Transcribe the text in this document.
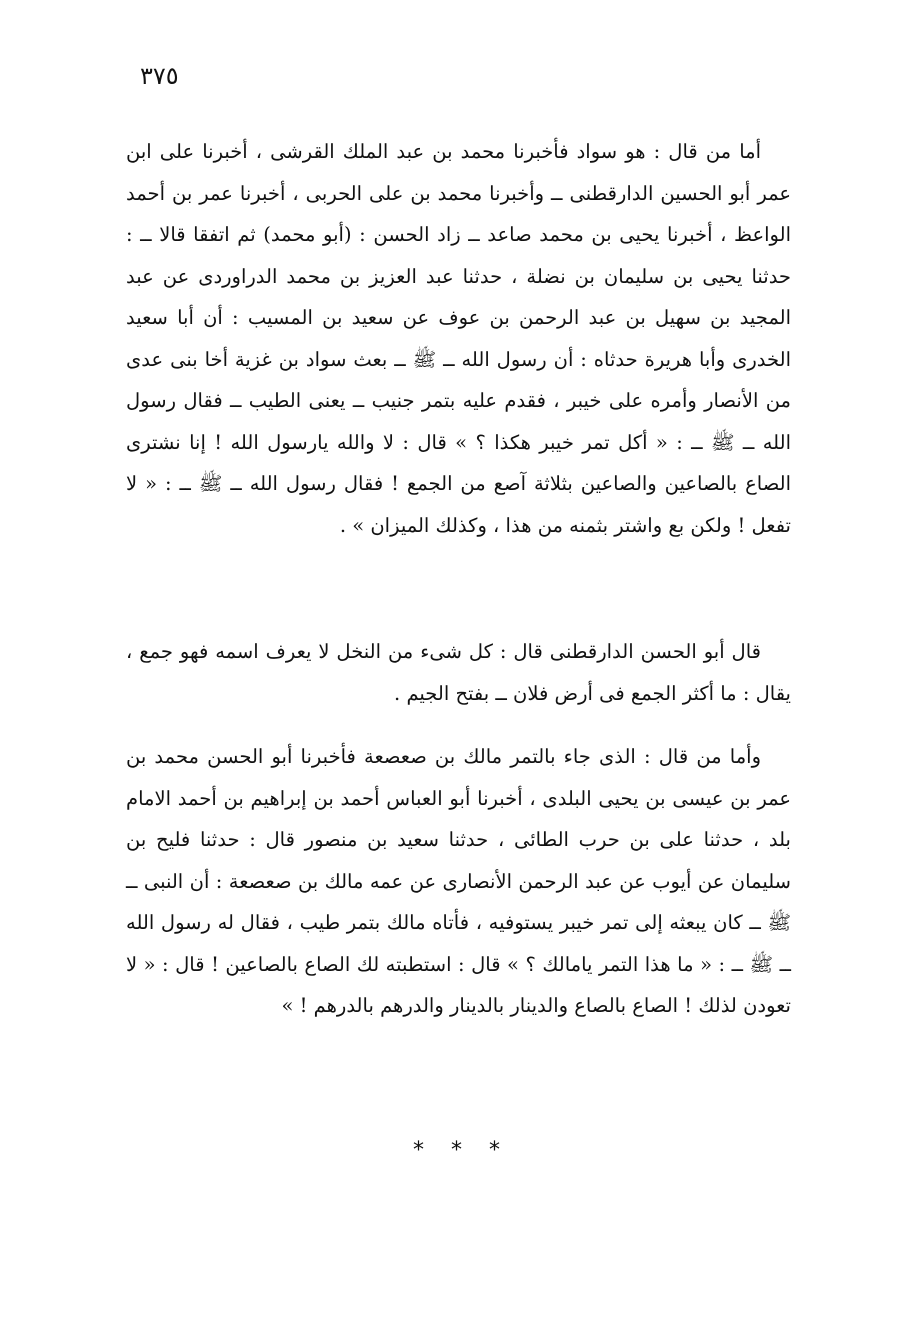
٣٧٥

أما من قال : هو سواد فأخبرنا محمد بن عبد الملك القرشى ، أخبرنا على ابن عمر أبو الحسين الدارقطنى ــ وأخبرنا محمد بن على الحربى ، أخبرنا عمر بن أحمد الواعظ ، أخبرنا يحيى بن محمد صاعد ــ زاد الحسن : (أبو محمد) ثم اتفقا قالا ــ : حدثنا يحيى بن سليمان بن نضلة ، حدثنا عبد العزيز بن محمد الدراوردى عن عبد المجيد بن سهيل بن عبد الرحمن بن عوف عن سعيد بن المسيب : أن أبا سعيد الخدرى وأبا هريرة حدثاه : أن رسول الله ــ ﷺ ــ بعث سواد بن غزية أخا بنى عدى من الأنصار وأمره على خيبر ، فقدم عليه بتمر جنيب ــ يعنى الطيب ــ فقال رسول الله ــ ﷺ ــ : « أكل تمر خيبر هكذا ؟ » قال : لا والله يارسول الله ! إنا نشترى الصاع بالصاعين والصاعين بثلاثة آصع من الجمع ! فقال رسول الله ــ ﷺ ــ : « لا تفعل ! ولكن بع واشتر بثمنه من هذا ، وكذلك الميزان » .

قال أبو الحسن الدارقطنى قال : كل شىء من النخل لا يعرف اسمه فهو جمع ، يقال : ما أكثر الجمع فى أرض فلان ــ بفتح الجيم .

وأما من قال : الذى جاء بالتمر مالك بن صعصعة فأخبرنا أبو الحسن محمد بن عمر بن عيسى بن يحيى البلدى ، أخبرنا أبو العباس أحمد بن إبراهيم بن أحمد الامام بلد ، حدثنا على بن حرب الطائى ، حدثنا سعيد بن منصور قال : حدثنا فليح بن سليمان عن أيوب عن عبد الرحمن الأنصارى عن عمه مالك بن صعصعة : أن النبى ــ ﷺ ــ كان يبعثه إلى تمر خيبر يستوفيه ، فأتاه مالك بتمر طيب ، فقال له رسول الله ــ ﷺ ــ : « ما هذا التمر يامالك ؟ » قال : استطبته لك الصاع بالصاعين ! قال : « لا تعودن لذلك ! الصاع بالصاع والدينار بالدينار والدرهم بالدرهم ! »

* * *
